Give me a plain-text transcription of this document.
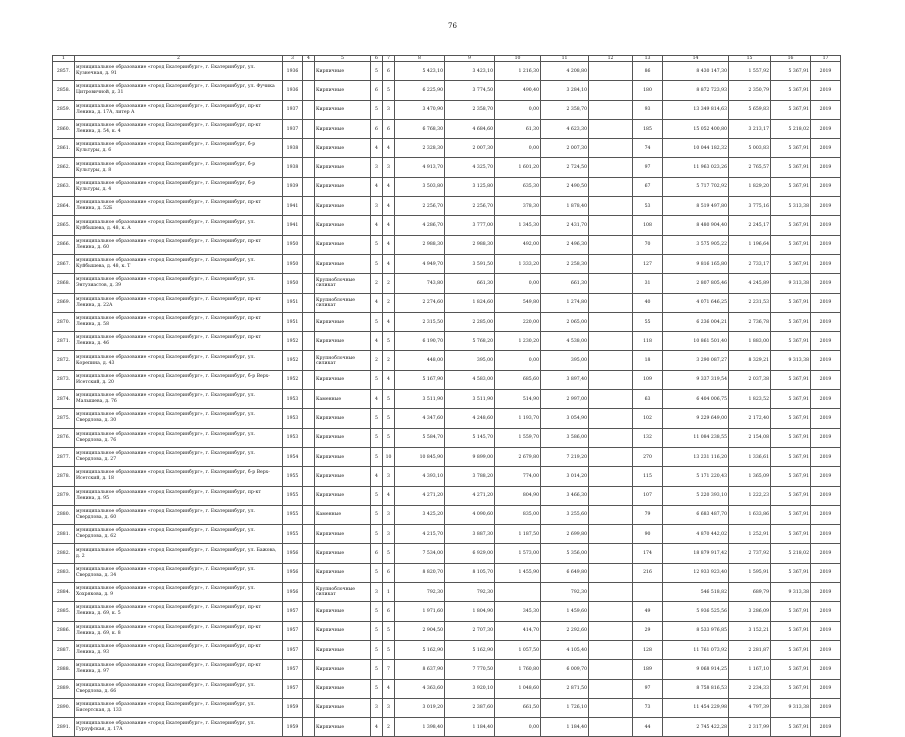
76
1	2	3	4	5	6	7	8	9	10	11	12	13	14	15	16	17
2857.	муниципальное образование «город Екатеринбург», г. Екатеринбург, ул. Кузнечная, д. 91	1936		Кирпичные	5	6	5 423,10	3 423,10	1 216,30	4 208,80		86	8 430 147,30	1 557,92	5 367,91	2019
2858.	муниципальное образование «город Екатеринбург», г. Екатеринбург, ул. Фучика Цитровичной, д. 31	1936		Кирпичные	6	5	6 225,90	3 774,50	490,40	3 284,10		180	8 872 723,93	2 350,79	5 367,91	2019
2859.	муниципальное образование «город Екатеринбург», г. Екатеринбург, пр-кт Ленина, д. 17А, литер А	1937		Кирпичные	5	3	3 470,90	2 358,70	0,00	2 358,70		93	13 349 814,63	5 659,83	5 367,91	2019
2860.	муниципальное образование «город Екатеринбург», г. Екатеринбург, пр-кт Ленина, д. 54, к. 4	1937		Кирпичные	6	6	6 768,30	4 684,60	61,30	4 623,30		185	15 052 400,80	3 213,17	5 218,02	2019
2861.	муниципальное образование «город Екатеринбург», г. Екатеринбург, б-р Культуры, д. 6	1938		Кирпичные	4	4	2 328,30	2 007,30	0,00	2 007,30		74	10 044 182,32	5 003,83	5 367,91	2019
2862.	муниципальное образование «город Екатеринбург», г. Екатеринбург, б-р Культуры, д. 8	1938		Кирпичные	3	3	4 913,70	4 325,70	1 601,20	2 724,50		97	11 963 023,26	2 765,57	5 367,91	2019
2863.	муниципальное образование «город Екатеринбург», г. Екатеринбург, б-р Культуры, д. 4	1939		Кирпичные	4	4	3 503,80	3 125,80	635,30	2 490,50		67	5 717 702,92	1 829,20	5 367,91	2019
2864.	муниципальное образование «город Екатеринбург», г. Екатеринбург, пр-кт Ленина, д. 52Б	1941		Кирпичные	3	4	2 256,70	2 256,70	378,30	1 878,40		53	8 519 497,80	3 775,16	5 313,38	2019
2865.	муниципальное образование «город Екатеринбург», г. Екатеринбург, ул. Куйбышева, д. 48, к. А	1941		Кирпичные	4	4	4 286,70	3 777,00	1 345,30	2 431,70		108	8 480 904,40	2 245,17	5 367,91	2019
2866.	муниципальное образование «город Екатеринбург», г. Екатеринбург, пр-кт Ленина, д. 60	1950		Кирпичные	5	4	2 988,30	2 988,30	492,00	2 496,30		70	3 575 905,22	1 196,64	5 367,91	2019
2867.	муниципальное образование «город Екатеринбург», г. Екатеринбург, ул. Куйбышева, д. 48, к. Т	1950		Кирпичные	5	4	4 949,70	3 591,50	1 333,20	2 258,30		127	9 816 165,80	2 733,17	5 367,91	2019
2868.	муниципальное образование «город Екатеринбург», г. Екатеринбург, ул. Энтузиастов, д. 39	1950		Крупноблочные силикат	2	2	743,80	661,30	0,00	661,30		31	2 807 805,46	4 245,89	9 313,38	2019
2869.	муниципальное образование «город Екатеринбург», г. Екатеринбург, пр-кт Ленина, д. 22А	1951		Крупноблочные силикат	4	2	2 274,60	1 824,60	549,80	1 274,80		40	4 071 646,25	2 231,53	5 367,91	2019
2870.	муниципальное образование «город Екатеринбург», г. Екатеринбург, пр-кт Ленина, д. 58	1951		Кирпичные	5	4	2 315,50	2 285,00	220,00	2 065,00		55	6 236 004,21	2 736,78	5 367,91	2019
2871.	муниципальное образование «город Екатеринбург», г. Екатеринбург, пр-кт Ленина, д. 46	1952		Кирпичные	4	5	6 190,70	5 768,20	1 230,20	4 538,00		118	10 861 501,40	1 883,00	5 367,91	2019
2872.	муниципальное образование «город Екатеринбург», г. Екатеринбург, ул. Корепина, д. 43	1952		Крупноблочные силикат	2	2	448,00	395,00	0,00	395,00		18	3 290 087,27	8 329,21	9 313,38	2019
2873.	муниципальное образование «город Екатеринбург», г. Екатеринбург, б-р Верх-Исетский, д. 20	1952		Кирпичные	5	4	5 167,90	4 583,00	685,60	3 897,40		109	9 337 319,54	2 037,38	5 367,91	2019
2874.	муниципальное образование «город Екатеринбург», г. Екатеринбург, ул. Малышева, д. 76	1953		Каменные	4	5	3 511,90	3 511,90	514,90	2 997,00		63	6 404 006,75	1 823,52	5 367,91	2019
2875.	муниципальное образование «город Екатеринбург», г. Екатеринбург, ул. Свердлова, д. 30	1953		Кирпичные	5	5	4 347,60	4 248,60	1 193,70	3 054,90		102	9 229 649,00	2 172,40	5 367,91	2019
2876.	муниципальное образование «город Екатеринбург», г. Екатеринбург, ул. Свердлова, д. 76	1953		Кирпичные	5	5	5 584,70	5 145,70	1 559,70	3 586,00		132	11 084 238,55	2 154,08	5 367,91	2019
2877.	муниципальное образование «город Екатеринбург», г. Екатеринбург, ул. Свердлова, д. 27	1954		Кирпичные	5	10	10 845,90	9 899,00	2 679,80	7 219,20		270	13 231 116,20	1 336,61	5 367,91	2019
2878.	муниципальное образование «город Екатеринбург», г. Екатеринбург, б-р Верх-Исетский, д. 18	1955		Кирпичные	4	3	4 393,10	3 788,20	774,00	3 014,20		115	5 171 220,43	1 365,09	5 367,91	2019
2879.	муниципальное образование «город Екатеринбург», г. Екатеринбург, пр-кт Ленина, д. 95	1955		Кирпичные	5	4	4 271,20	4 271,20	804,90	3 466,30		107	5 220 393,10	1 222,23	5 367,91	2019
2880.	муниципальное образование «город Екатеринбург», г. Екатеринбург, ул. Свердлова, д. 60	1955		Каменные	5	3	3 425,20	4 090,60	835,00	3 255,60		79	6 683 487,70	1 633,86	5 367,91	2019
2881.	муниципальное образование «город Екатеринбург», г. Екатеринбург, ул. Свердлова, д. 62	1955		Кирпичные	5	3	4 215,70	3 887,30	1 187,50	2 699,80		90	4 870 442,02	1 252,91	5 367,91	2019
2882.	муниципальное образование «город Екатеринбург», г. Екатеринбург, ул. Бажова, д. 2	1956		Кирпичные	6	5	7 534,00	6 929,00	1 573,00	5 356,00		174	18 879 917,42	2 737,92	5 218,02	2019
2883.	муниципальное образование «город Екатеринбург», г. Екатеринбург, ул. Свердлова, д. 34	1956		Кирпичные	5	6	8 820,70	8 105,70	1 455,90	6 649,80		216	12 933 923,40	1 595,91	5 367,91	2019
2884.	муниципальное образование «город Екатеринбург», г. Екатеринбург, ул. Хохрякова, д. 9	1956		Крупноблочные силикат	3	1	792,30	792,30		792,30			546 518,82	689,79	9 313,38	2019
2885.	муниципальное образование «город Екатеринбург», г. Екатеринбург, пр-кт Ленина, д. 69, к. 5	1957		Кирпичные	5	6	1 971,60	1 804,90	345,30	1 459,60		49	5 936 525,56	3 286,09	5 367,91	2019
2886.	муниципальное образование «город Екатеринбург», г. Екатеринбург, пр-кт Ленина, д. 69, к. 8	1957		Кирпичные	5	5	2 904,50	2 707,30	414,70	2 292,60		29	8 533 976,85	3 152,21	5 367,91	2019
2887.	муниципальное образование «город Екатеринбург», г. Екатеринбург, пр-кт Ленина, д. 93	1957		Кирпичные	5	5	5 162,90	5 162,90	1 057,50	4 105,40		128	11 761 073,92	2 281,87	5 367,91	2019
2888.	муниципальное образование «город Екатеринбург», г. Екатеринбург, пр-кт Ленина, д. 97	1957		Кирпичные	5	7	8 637,90	7 770,50	1 760,80	6 009,70		189	9 068 914,25	1 167,10	5 367,91	2019
2889.	муниципальное образование «город Екатеринбург», г. Екатеринбург, ул. Свердлова, д. 66	1957		Кирпичные	5	4	4 363,60	3 920,10	1 048,60	2 871,50		97	8 758 816,53	2 234,33	5 367,91	2019
2890.	муниципальное образование «город Екатеринбург», г. Екатеринбург, ул. Бисертская, д. 133	1959		Кирпичные	3	3	3 019,20	2 387,60	661,50	1 726,10		73	11 454 229,98	4 797,39	9 313,38	2019
2891.	муниципальное образование «город Екатеринбург», г. Екатеринбург, ул. Гурзуфская, д. 17А	1959		Кирпичные	4	2	1 398,40	1 184,40	0,00	1 184,40		44	2 745 422,28	2 317,99	5 367,91	2019
